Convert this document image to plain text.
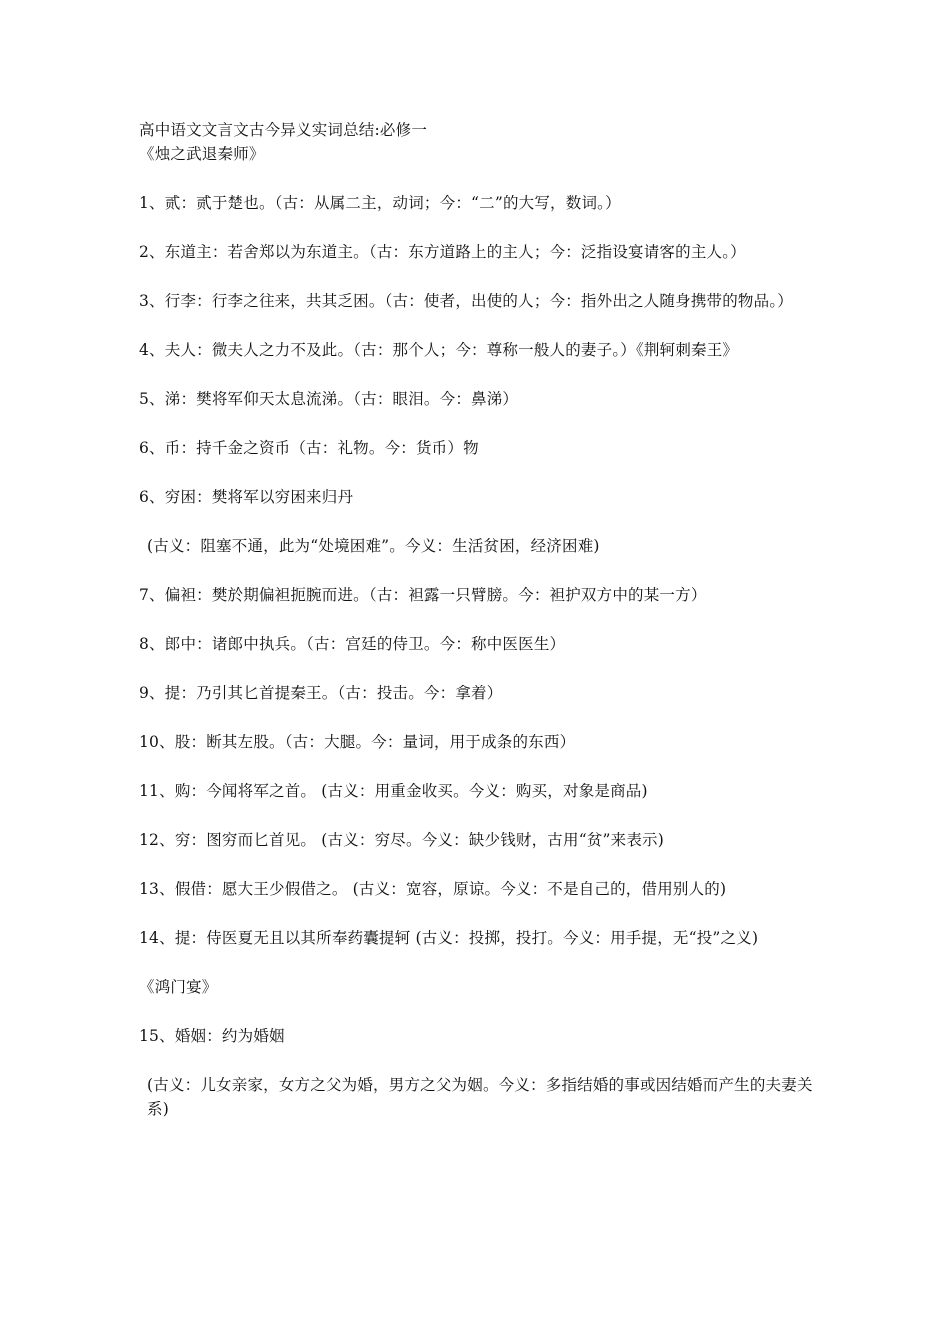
高中语文文言文古今异义实词总结:必修一
《烛之武退秦师》

1、贰：贰于楚也。（古：从属二主，动词；今：“二”的大写，数词。）

2、东道主：若舍郑以为东道主。（古：东方道路上的主人；今：泛指设宴请客的主人。）

3、行李：行李之往来，共其乏困。（古：使者，出使的人；今：指外出之人随身携带的物品。）

4、夫人：微夫人之力不及此。（古：那个人；今：尊称一般人的妻子。）《荆轲刺秦王》

5、涕：樊将军仰天太息流涕。（古：眼泪。今：鼻涕）

6、币：持千金之资币（古：礼物。今：货币）物

6、穷困：樊将军以穷困来归丹

(古义：阻塞不通，此为“处境困难”。今义：生活贫困，经济困难)

7、偏袒：樊於期偏袒扼腕而进。（古：袒露一只臂膀。今：袒护双方中的某一方）

8、郎中：诸郎中执兵。（古：宫廷的侍卫。今：称中医医生）

9、提：乃引其匕首提秦王。（古：投击。今：拿着）

10、股：断其左股。（古：大腿。今：量词，用于成条的东西）

11、购：今闻将军之首。 (古义：用重金收买。今义：购买，对象是商品)

12、穷：图穷而匕首见。 (古义：穷尽。今义：缺少钱财，古用“贫”来表示)

13、假借：愿大王少假借之。 (古义：宽容，原谅。今义：不是自己的，借用别人的)

14、提：侍医夏无且以其所奉药囊提轲 (古义：投掷，投打。今义：用手提，无“投”之义)

《鸿门宴》

15、婚姻：约为婚姻

(古义：儿女亲家，女方之父为婚，男方之父为姻。今义：多指结婚的事或因结婚而产生的夫妻关系)
